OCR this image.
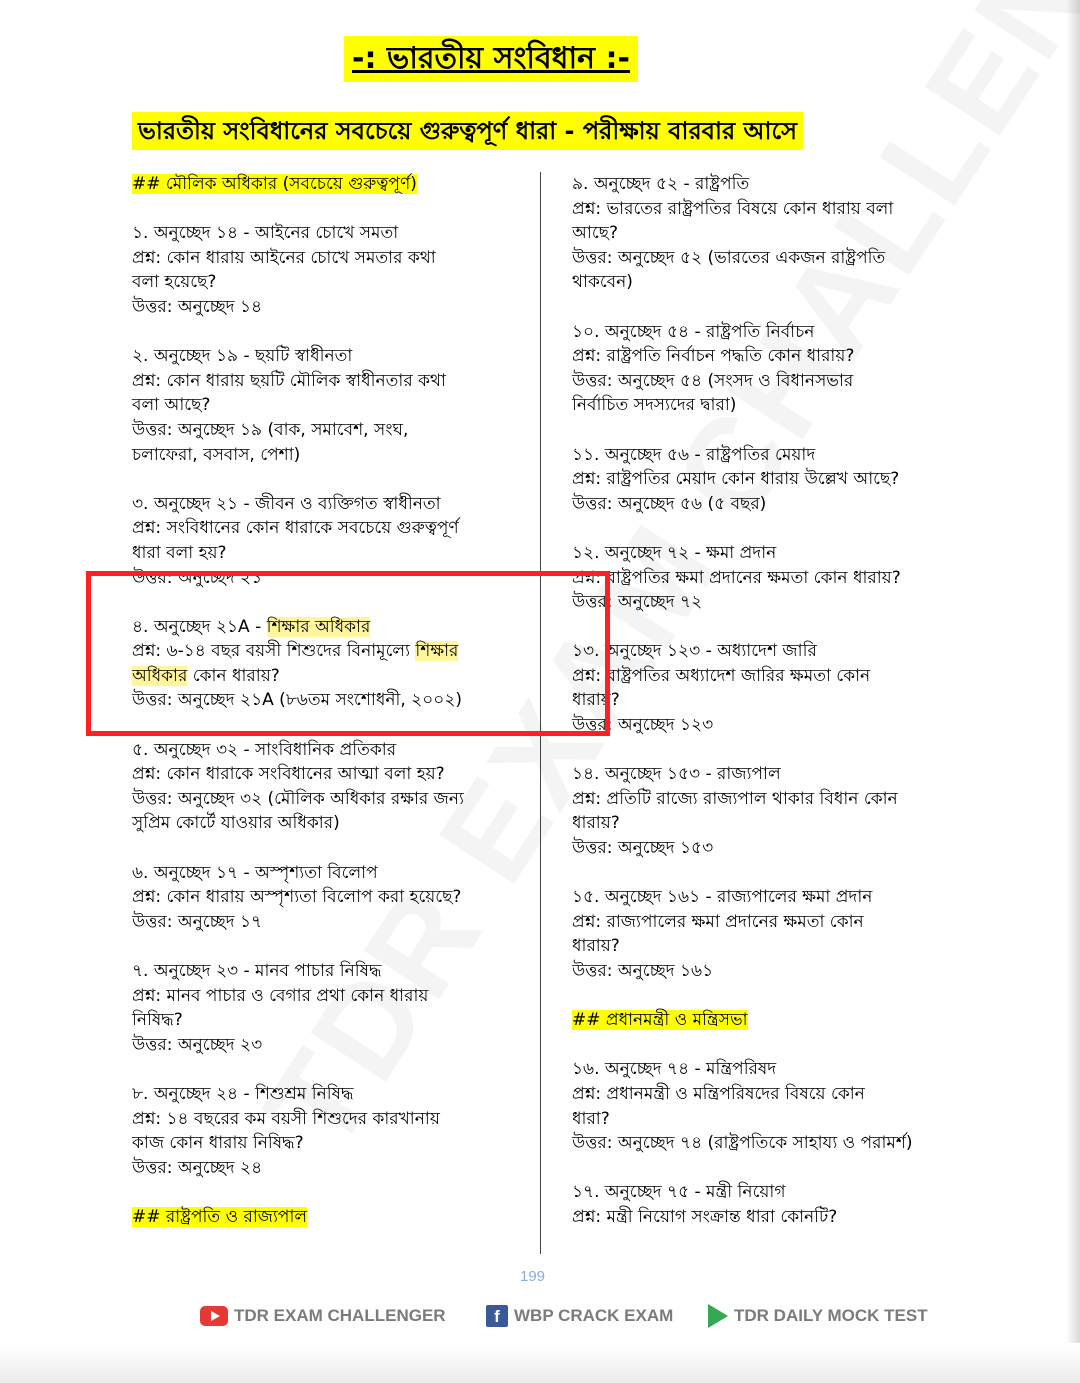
-: ভারতীয় সংবিধান :-
ভারতীয় সংবিধানের সবচেয়ে গুরুত্বপূর্ণ ধারা - পরীক্ষায় বারবার আসে

## মৌলিক অধিকার (সবচেয়ে গুরুত্বপূর্ণ)

১. অনুচ্ছেদ ১৪ - আইনের চোখে সমতা
প্রশ্ন: কোন ধারায় আইনের চোখে সমতার কথা
বলা হয়েছে?
উত্তর: অনুচ্ছেদ ১৪

২. অনুচ্ছেদ ১৯ - ছয়টি স্বাধীনতা
প্রশ্ন: কোন ধারায় ছয়টি মৌলিক স্বাধীনতার কথা
বলা আছে?
উত্তর: অনুচ্ছেদ ১৯ (বাক, সমাবেশ, সংঘ,
চলাফেরা, বসবাস, পেশা)

৩. অনুচ্ছেদ ২১ - জীবন ও ব্যক্তিগত স্বাধীনতা
প্রশ্ন: সংবিধানের কোন ধারাকে সবচেয়ে গুরুত্বপূর্ণ
ধারা বলা হয়?
উত্তর: অনুচ্ছেদ ২১

৪. অনুচ্ছেদ ২১A - শিক্ষার অধিকার
প্রশ্ন: ৬-১৪ বছর বয়সী শিশুদের বিনামূল্যে শিক্ষার
অধিকার কোন ধারায়?
উত্তর: অনুচ্ছেদ ২১A (৮৬তম সংশোধনী, ২০০২)

৫. অনুচ্ছেদ ৩২ - সাংবিধানিক প্রতিকার
প্রশ্ন: কোন ধারাকে সংবিধানের আত্মা বলা হয়?
উত্তর: অনুচ্ছেদ ৩২ (মৌলিক অধিকার রক্ষার জন্য
সুপ্রিম কোর্টে যাওয়ার অধিকার)

৬. অনুচ্ছেদ ১৭ - অস্পৃশ্যতা বিলোপ
প্রশ্ন: কোন ধারায় অস্পৃশ্যতা বিলোপ করা হয়েছে?
উত্তর: অনুচ্ছেদ ১৭

৭. অনুচ্ছেদ ২৩ - মানব পাচার নিষিদ্ধ
প্রশ্ন: মানব পাচার ও বেগার প্রথা কোন ধারায়
নিষিদ্ধ?
উত্তর: অনুচ্ছেদ ২৩

৮. অনুচ্ছেদ ২৪ - শিশুশ্রম নিষিদ্ধ
প্রশ্ন: ১৪ বছরের কম বয়সী শিশুদের কারখানায়
কাজ কোন ধারায় নিষিদ্ধ?
উত্তর: অনুচ্ছেদ ২৪

## রাষ্ট্রপতি ও রাজ্যপাল

৯. অনুচ্ছেদ ৫২ - রাষ্ট্রপতি
প্রশ্ন: ভারতের রাষ্ট্রপতির বিষয়ে কোন ধারায় বলা
আছে?
উত্তর: অনুচ্ছেদ ৫২ (ভারতের একজন রাষ্ট্রপতি
থাকবেন)

১০. অনুচ্ছেদ ৫৪ - রাষ্ট্রপতি নির্বাচন
প্রশ্ন: রাষ্ট্রপতি নির্বাচন পদ্ধতি কোন ধারায়?
উত্তর: অনুচ্ছেদ ৫৪ (সংসদ ও বিধানসভার
নির্বাচিত সদস্যদের দ্বারা)

১১. অনুচ্ছেদ ৫৬ - রাষ্ট্রপতির মেয়াদ
প্রশ্ন: রাষ্ট্রপতির মেয়াদ কোন ধারায় উল্লেখ আছে?
উত্তর: অনুচ্ছেদ ৫৬ (৫ বছর)

১২. অনুচ্ছেদ ৭২ - ক্ষমা প্রদান
প্রশ্ন: রাষ্ট্রপতির ক্ষমা প্রদানের ক্ষমতা কোন ধারায়?
উত্তর: অনুচ্ছেদ ৭২

১৩. অনুচ্ছেদ ১২৩ - অধ্যাদেশ জারি
প্রশ্ন: রাষ্ট্রপতির অধ্যাদেশ জারির ক্ষমতা কোন
ধারায়?
উত্তর: অনুচ্ছেদ ১২৩

১৪. অনুচ্ছেদ ১৫৩ - রাজ্যপাল
প্রশ্ন: প্রতিটি রাজ্যে রাজ্যপাল থাকার বিধান কোন
ধারায়?
উত্তর: অনুচ্ছেদ ১৫৩

১৫. অনুচ্ছেদ ১৬১ - রাজ্যপালের ক্ষমা প্রদান
প্রশ্ন: রাজ্যপালের ক্ষমা প্রদানের ক্ষমতা কোন
ধারায়?
উত্তর: অনুচ্ছেদ ১৬১

## প্রধানমন্ত্রী ও মন্ত্রিসভা

১৬. অনুচ্ছেদ ৭৪ - মন্ত্রিপরিষদ
প্রশ্ন: প্রধানমন্ত্রী ও মন্ত্রিপরিষদের বিষয়ে কোন
ধারা?
উত্তর: অনুচ্ছেদ ৭৪ (রাষ্ট্রপতিকে সাহায্য ও পরামর্শ)

১৭. অনুচ্ছেদ ৭৫ - মন্ত্রী নিয়োগ
প্রশ্ন: মন্ত্রী নিয়োগ সংক্রান্ত ধারা কোনটি?

199
TDR EXAM CHALLENGER	f WBP CRACK EXAM	TDR DAILY MOCK TEST
